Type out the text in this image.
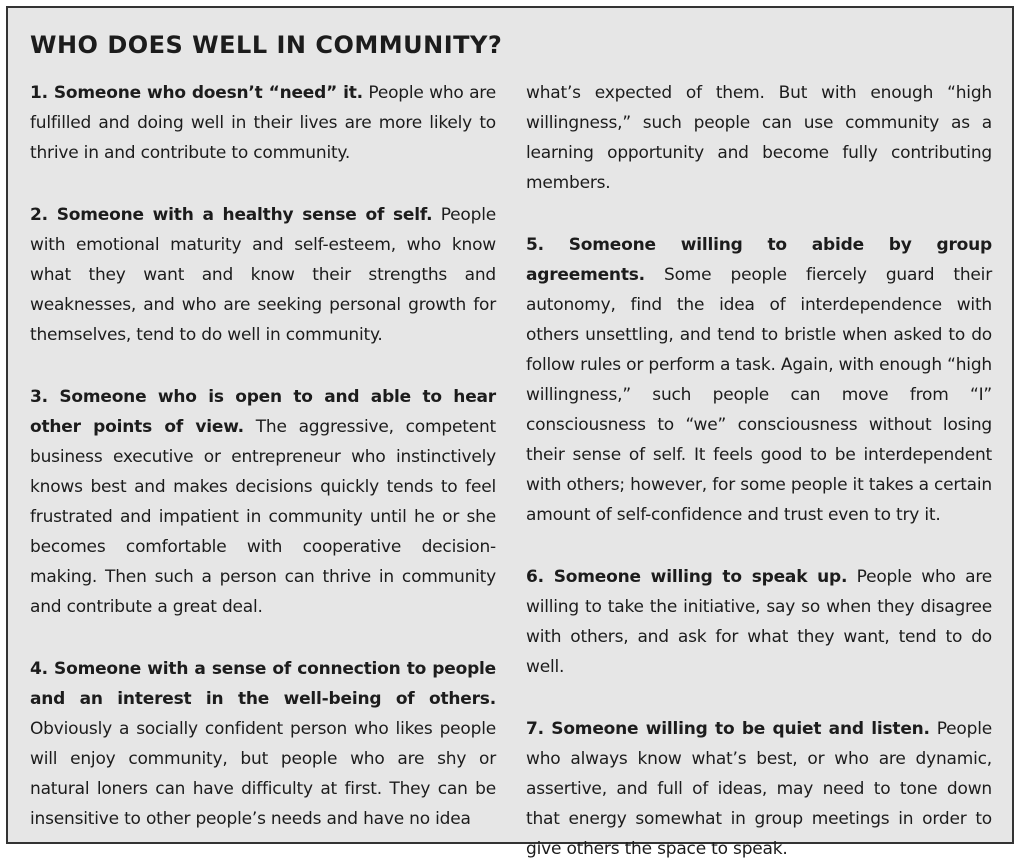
WHO DOES WELL IN COMMUNITY?

1. Someone who doesn’t “need” it. People who are fulfilled and doing well in their lives are more likely to thrive in and contribute to community.

2. Someone with a healthy sense of self. People with emotional maturity and self-esteem, who know what they want and know their strengths and weaknesses, and who are seeking personal growth for themselves, tend to do well in community.

3. Someone who is open to and able to hear other points of view. The aggressive, competent business executive or entrepreneur who instinctively knows best and makes decisions quickly tends to feel frustrated and impatient in community until he or she becomes comfortable with cooperative decision-making. Then such a person can thrive in community and contribute a great deal.

4. Someone with a sense of connection to people and an interest in the well-being of others. Obviously a socially confident person who likes people will enjoy community, but people who are shy or natural loners can have difficulty at first. They can be insensitive to other people’s needs and have no idea

what’s expected of them. But with enough “high willingness,” such people can use community as a learning opportunity and become fully contributing members.

5. Someone willing to abide by group agreements. Some people fiercely guard their autonomy, find the idea of interdependence with others unsettling, and tend to bristle when asked to do follow rules or perform a task. Again, with enough “high willingness,” such people can move from “I” consciousness to “we” consciousness without losing their sense of self. It feels good to be interdependent with others; however, for some people it takes a certain amount of self-confidence and trust even to try it.

6. Someone willing to speak up. People who are willing to take the initiative, say so when they disagree with others, and ask for what they want, tend to do well.

7. Someone willing to be quiet and listen. People who always know what’s best, or who are dynamic, assertive, and full of ideas, may need to tone down that energy somewhat in group meetings in order to give others the space to speak.
